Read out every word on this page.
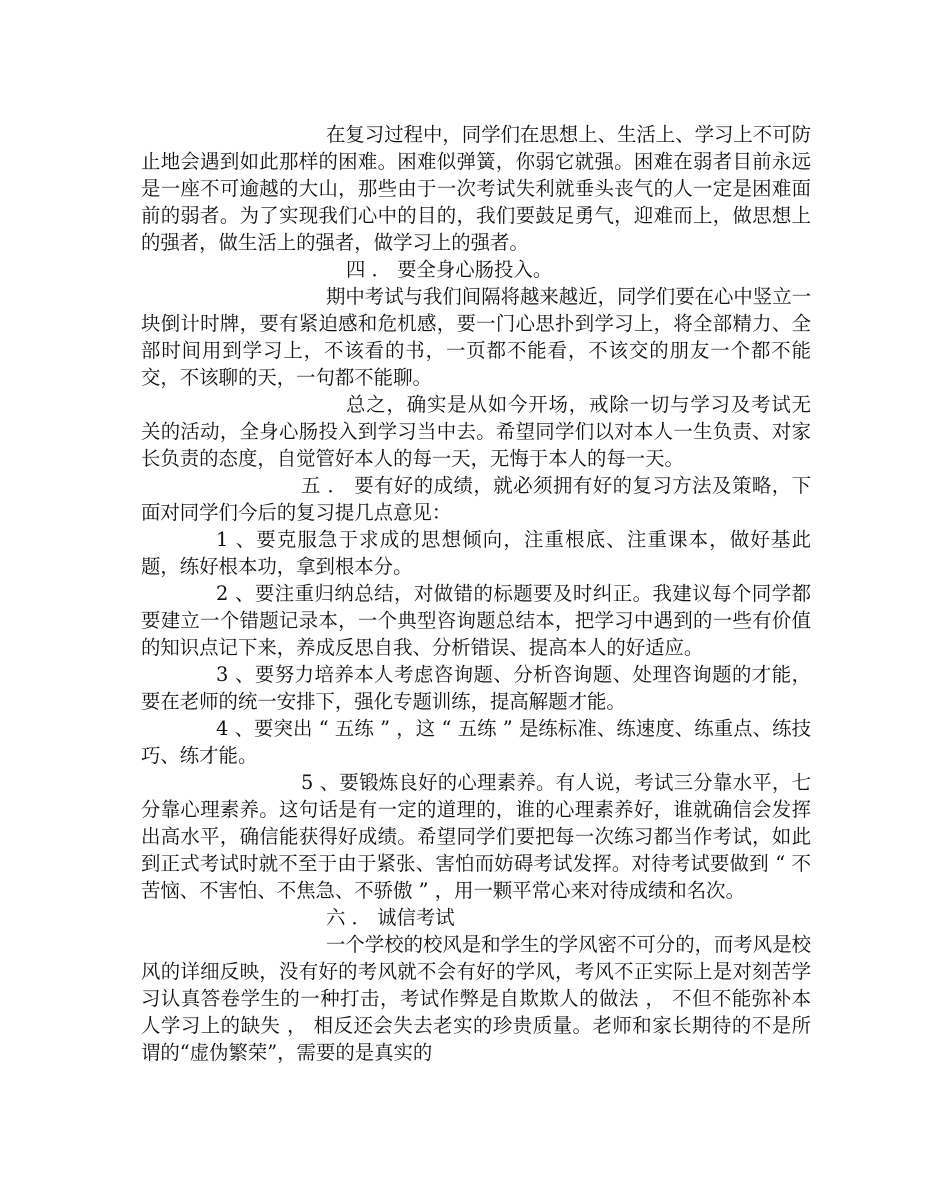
在复习过程中，同学们在思想上、生活上、学习上不可防止地会遇到如此那样的困难。困难似弹簧，你弱它就强。困难在弱者目前永远是一座不可逾越的大山，那些由于一次考试失利就垂头丧气的人一定是困难面前的弱者。为了实现我们心中的目的，我们要鼓足勇气，迎难而上，做思想上的强者，做生活上的强者，做学习上的强者。

四 ． 要全身心肠投入。

期中考试与我们间隔将越来越近，同学们要在心中竖立一块倒计时牌，要有紧迫感和危机感，要一门心思扑到学习上，将全部精力、全部时间用到学习上，不该看的书，一页都不能看，不该交的朋友一个都不能交，不该聊的天，一句都不能聊。

总之，确实是从如今开场，戒除一切与学习及考试无关的活动，全身心肠投入到学习当中去。希望同学们以对本人一生负责、对家长负责的态度，自觉管好本人的每一天，无悔于本人的每一天。

五 ． 要有好的成绩，就必须拥有好的复习方法及策略，下面对同学们今后的复习提几点意见：

1 、要克服急于求成的思想倾向，注重根底、注重课本，做好基此题，练好根本功，拿到根本分。

2 、要注重归纳总结，对做错的标题要及时纠正。我建议每个同学都要建立一个错题记录本，一个典型咨询题总结本，把学习中遇到的一些有价值的知识点记下来，养成反思自我、分析错误、提高本人的好适应。

3 、要努力培养本人考虑咨询题、分析咨询题、处理咨询题的才能，要在老师的统一安排下，强化专题训练，提高解题才能。

4 、要突出 “ 五练 ” ，这 “ 五练 ” 是练标准、练速度、练重点、练技巧、练才能。

5 、要锻炼良好的心理素养。有人说，考试三分靠水平，七分靠心理素养。这句话是有一定的道理的，谁的心理素养好，谁就确信会发挥出高水平，确信能获得好成绩。希望同学们要把每一次练习都当作考试，如此到正式考试时就不至于由于紧张、害怕而妨碍考试发挥。对待考试要做到 “ 不苦恼、不害怕、不焦急、不骄傲 ” ，用一颗平常心来对待成绩和名次。

六 ． 诚信考试

一个学校的校风是和学生的学风密不可分的，而考风是校风的详细反映，没有好的考风就不会有好的学风，考风不正实际上是对刻苦学习认真答卷学生的一种打击，考试作弊是自欺欺人的做法 ， 不但不能弥补本人学习上的缺失 ， 相反还会失去老实的珍贵质量。老师和家长期待的不是所谓的“虚伪繁荣”，需要的是真实的
